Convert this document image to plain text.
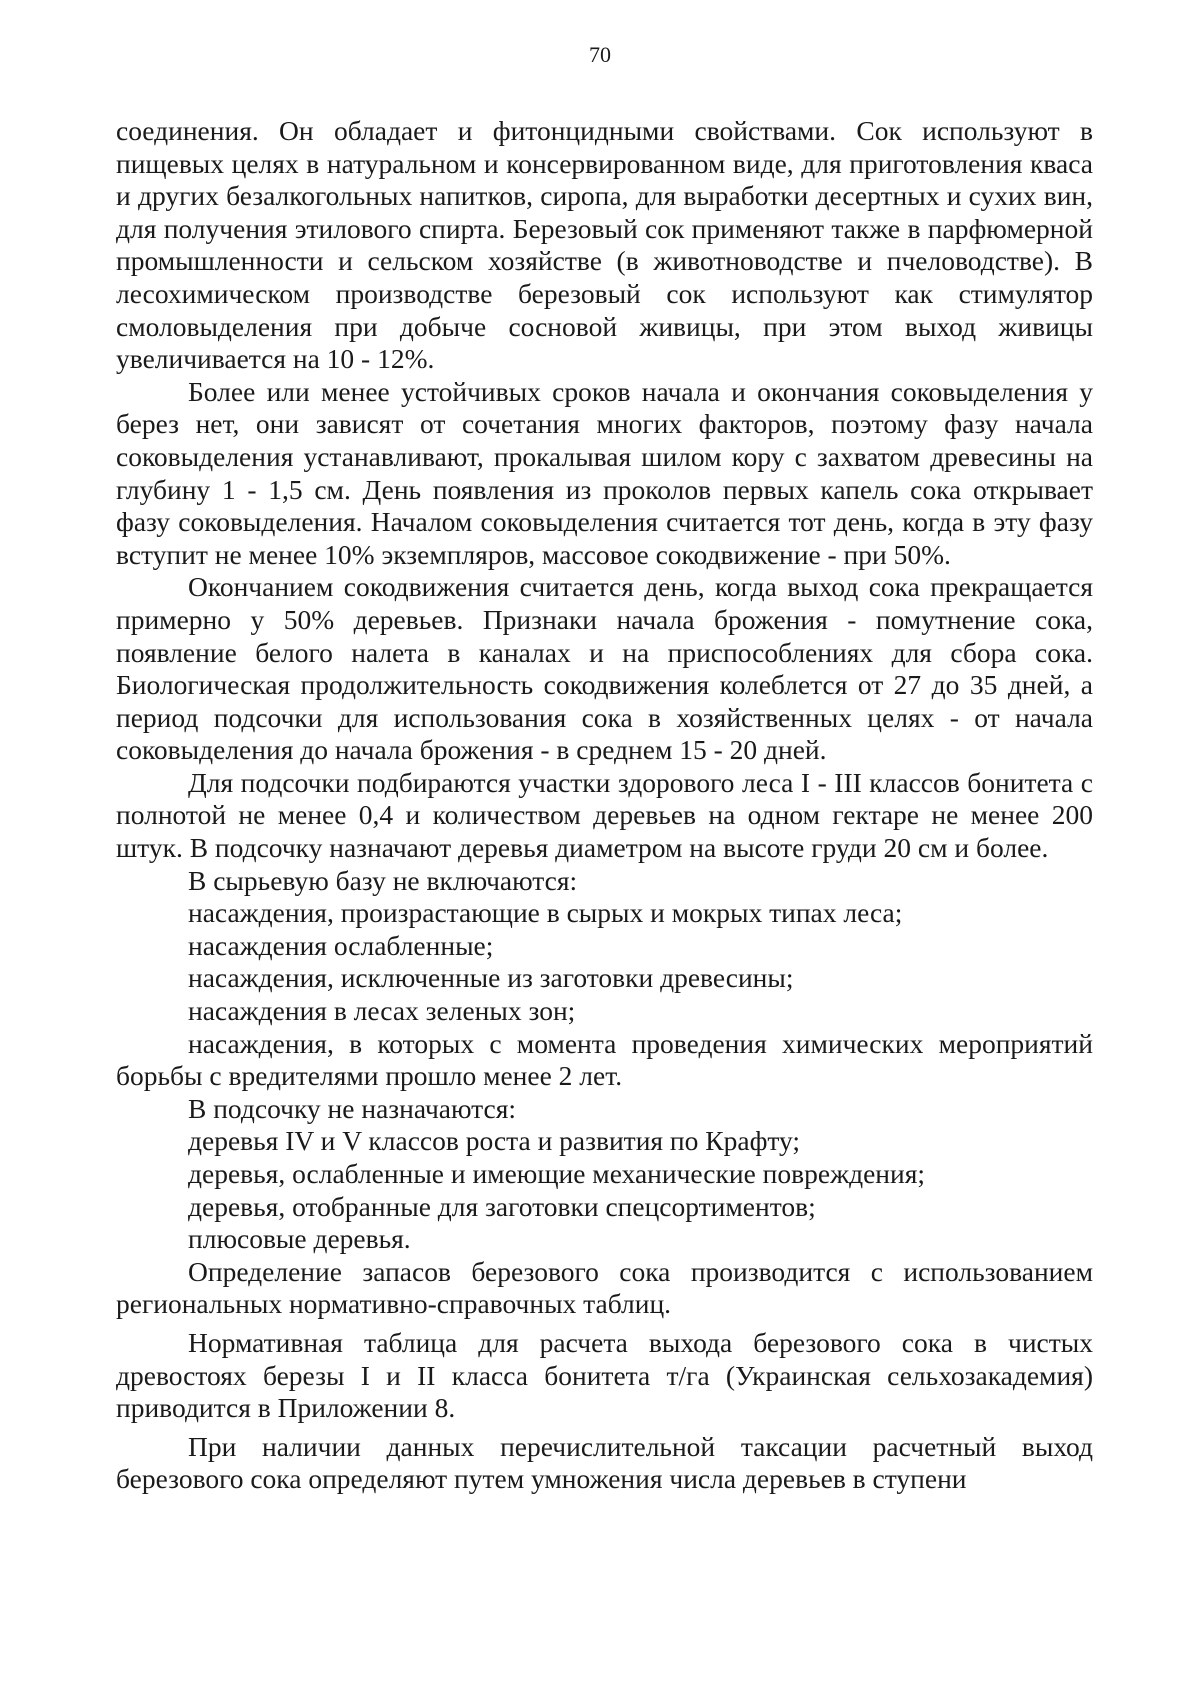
70

соединения. Он обладает и фитонцидными свойствами. Сок используют в пищевых целях в натуральном и консервированном виде, для приготовления кваса и других безалкогольных напитков, сиропа, для выработки десертных и сухих вин, для получения этилового спирта. Березовый сок применяют также в парфюмерной промышленности и сельском хозяйстве (в животноводстве и пчеловодстве). В лесохимическом производстве березовый сок используют как стимулятор смоловыделения при добыче сосновой живицы, при этом выход живицы увеличивается на 10 - 12%.

Более или менее устойчивых сроков начала и окончания соковыделения у берез нет, они зависят от сочетания многих факторов, поэтому фазу начала соковыделения устанавливают, прокалывая шилом кору с захватом древесины на глубину 1 - 1,5 см. День появления из проколов первых капель сока открывает фазу соковыделения. Началом соковыделения считается тот день, когда в эту фазу вступит не менее 10% экземпляров, массовое сокодвижение - при 50%.

Окончанием сокодвижения считается день, когда выход сока прекращается примерно у 50% деревьев. Признаки начала брожения - помутнение сока, появление белого налета в каналах и на приспособлениях для сбора сока. Биологическая продолжительность сокодвижения колеблется от 27 до 35 дней, а период подсочки для использования сока в хозяйственных целях - от начала соковыделения до начала брожения - в среднем 15 - 20 дней.

Для подсочки подбираются участки здорового леса I - III классов бонитета с полнотой не менее 0,4 и количеством деревьев на одном гектаре не менее 200 штук. В подсочку назначают деревья диаметром на высоте груди 20 см и более.

В сырьевую базу не включаются:

насаждения, произрастающие в сырых и мокрых типах леса;

насаждения ослабленные;

насаждения, исключенные из заготовки древесины;

насаждения в лесах зеленых зон;

насаждения, в которых с момента проведения химических мероприятий борьбы с вредителями прошло менее 2 лет.

В подсочку не назначаются:

деревья IV и V классов роста и развития по Крафту;

деревья, ослабленные и имеющие механические повреждения;

деревья, отобранные для заготовки спецсортиментов;

плюсовые деревья.

Определение запасов березового сока производится с использованием региональных нормативно-справочных таблиц.

Нормативная таблица для расчета выхода березового сока в чистых древостоях березы I и II класса бонитета т/га (Украинская сельхозакадемия) приводится в Приложении 8.

При наличии данных перечислительной таксации расчетный выход березового сока определяют путем умножения числа деревьев в ступени
